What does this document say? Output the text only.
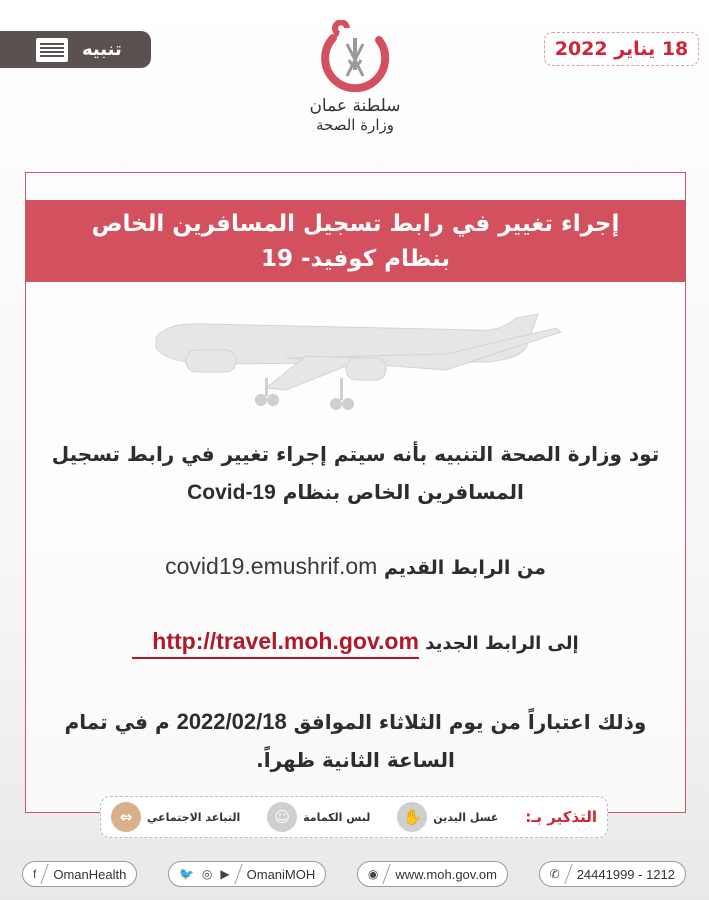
تنبيه
سلطنة عمان
وزارة الصحة
18 يناير 2022
إجراء تغيير في رابط تسجيل المسافرين الخاص بنظام كوفيد- 19
تود وزارة الصحة التنبيه بأنه سيتم إجراء تغيير في رابط تسجيل المسافرين الخاص بنظام Covid-19
من الرابط القديم covid19.emushrif.om
إلى الرابط الجديد http://travel.moh.gov.om
وذلك اعتباراً من يوم الثلاثاء الموافق 2022/02/18 م في تمام الساعة الثانية ظهراً.
التذكير بـ:
غسل اليدين
✋
لبس الكمامة
☺
التباعد الاجتماعي
⇔
f OmanHealth	🐦 ◎ ▶ OmaniMOH	◉ www.moh.gov.om	✆ 24441999 - 1212
